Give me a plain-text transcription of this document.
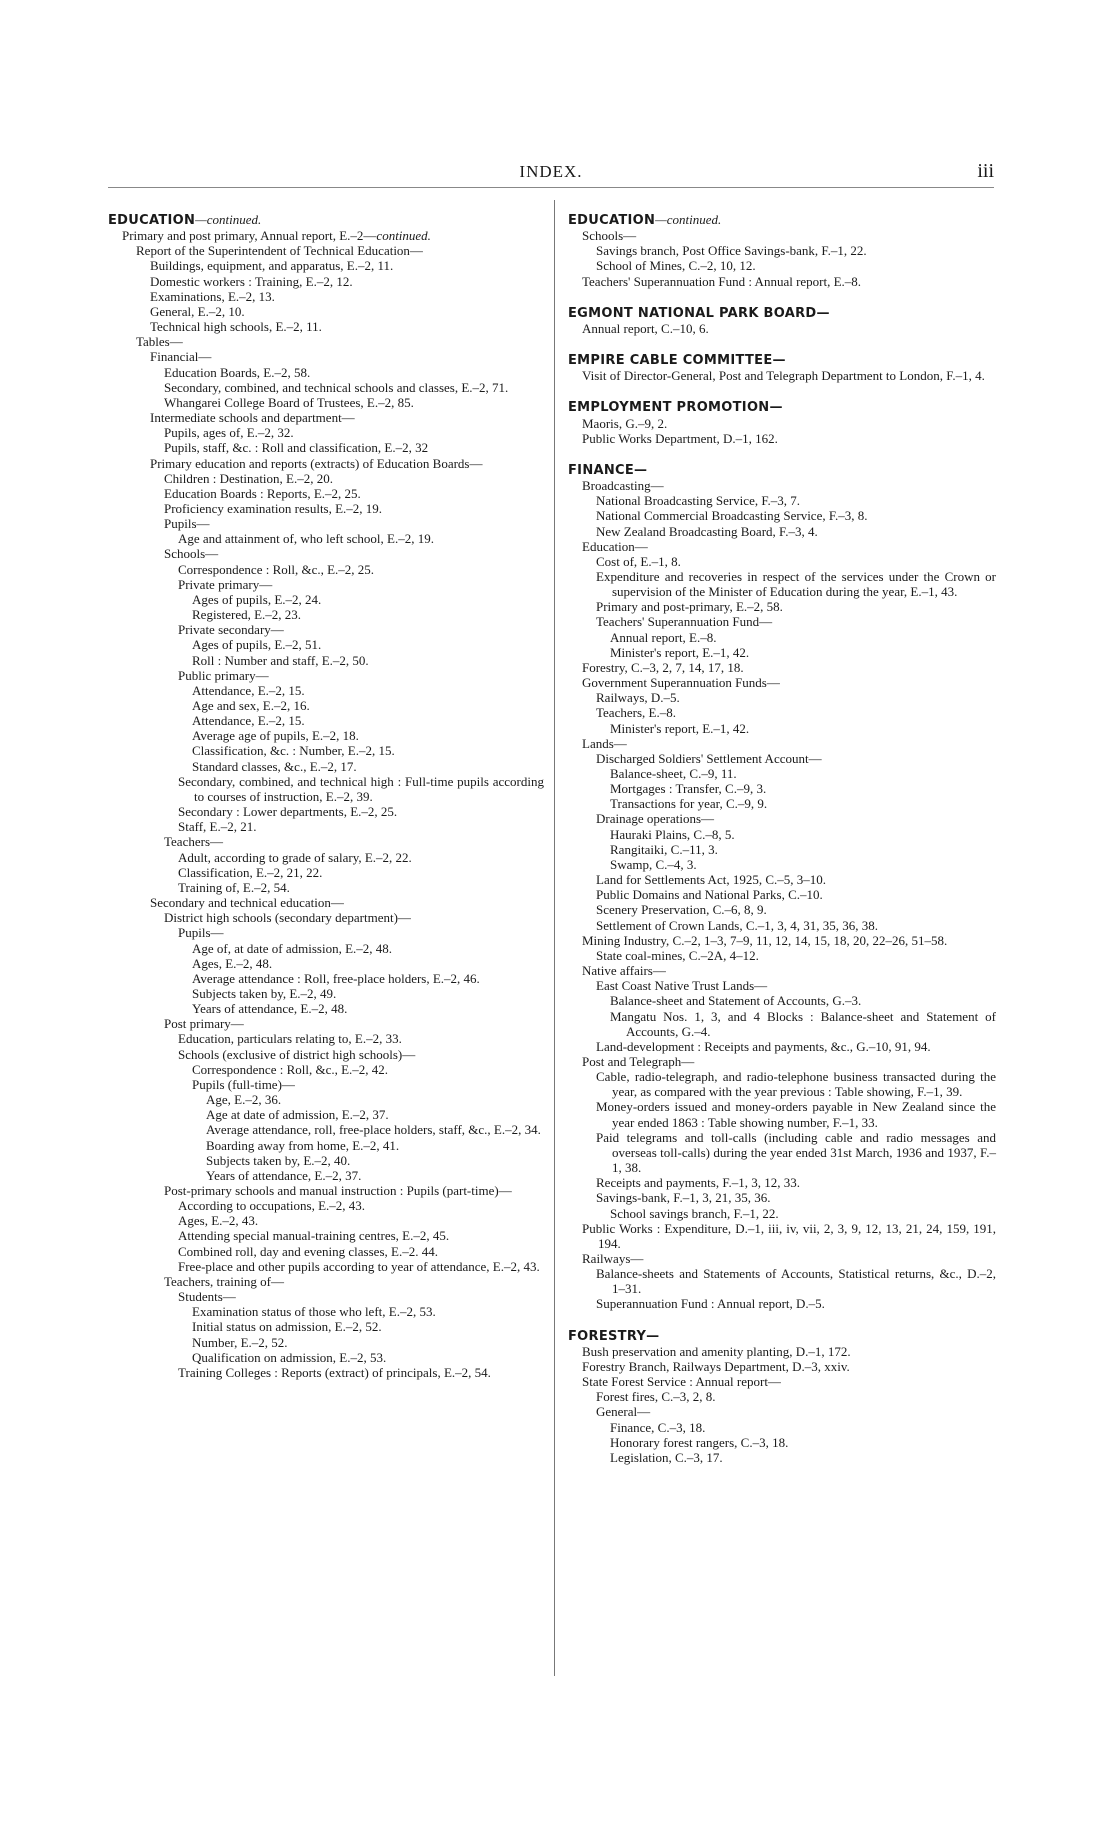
INDEX.	iii
EDUCATION—continued.
Primary and post primary, Annual report, E.–2—continued.
Report of the Superintendent of Technical Education—
Buildings, equipment, and apparatus, E.–2, 11.
Domestic workers : Training, E.–2, 12.
Examinations, E.–2, 13.
General, E.–2, 10.
Technical high schools, E.–2, 11.
Tables—
Financial—
Education Boards, E.–2, 58.
Secondary, combined, and technical schools and classes, E.–2, 71.
Whangarei College Board of Trustees, E.–2, 85.
Intermediate schools and department—
Pupils, ages of, E.–2, 32.
Pupils, staff, &c. : Roll and classification, E.–2, 32
Primary education and reports (extracts) of Education Boards—
Children : Destination, E.–2, 20.
Education Boards : Reports, E.–2, 25.
Proficiency examination results, E.–2, 19.
Pupils—
Age and attainment of, who left school, E.–2, 19.
Schools—
Correspondence : Roll, &c., E.–2, 25.
Private primary—
Ages of pupils, E.–2, 24.
Registered, E.–2, 23.
Private secondary—
Ages of pupils, E.–2, 51.
Roll : Number and staff, E.–2, 50.
Public primary—
Attendance, E.–2, 15.
Age and sex, E.–2, 16.
Attendance, E.–2, 15.
Average age of pupils, E.–2, 18.
Classification, &c. : Number, E.–2, 15.
Standard classes, &c., E.–2, 17.
Secondary, combined, and technical high : Full-time pupils according to courses of instruction, E.–2, 39.
Secondary : Lower departments, E.–2, 25.
Staff, E.–2, 21.
Teachers—
Adult, according to grade of salary, E.–2, 22.
Classification, E.–2, 21, 22.
Training of, E.–2, 54.
Secondary and technical education—
District high schools (secondary department)—
Pupils—
Age of, at date of admission, E.–2, 48.
Ages, E.–2, 48.
Average attendance : Roll, free-place holders, E.–2, 46.
Subjects taken by, E.–2, 49.
Years of attendance, E.–2, 48.
Post primary—
Education, particulars relating to, E.–2, 33.
Schools (exclusive of district high schools)—
Correspondence : Roll, &c., E.–2, 42.
Pupils (full-time)—
Age, E.–2, 36.
Age at date of admission, E.–2, 37.
Average attendance, roll, free-place holders, staff, &c., E.–2, 34.
Boarding away from home, E.–2, 41.
Subjects taken by, E.–2, 40.
Years of attendance, E.–2, 37.
Post-primary schools and manual instruction : Pupils (part-time)—
According to occupations, E.–2, 43.
Ages, E.–2, 43.
Attending special manual-training centres, E.–2, 45.
Combined roll, day and evening classes, E.–2. 44.
Free-place and other pupils according to year of attendance, E.–2, 43.
Teachers, training of—
Students—
Examination status of those who left, E.–2, 53.
Initial status on admission, E.–2, 52.
Number, E.–2, 52.
Qualification on admission, E.–2, 53.
Training Colleges : Reports (extract) of principals, E.–2, 54.
EDUCATION—continued.
Schools—
Savings branch, Post Office Savings-bank, F.–1, 22.
School of Mines, C.–2, 10, 12.
Teachers' Superannuation Fund : Annual report, E.–8.
EGMONT NATIONAL PARK BOARD—
Annual report, C.–10, 6.
EMPIRE CABLE COMMITTEE—
Visit of Director-General, Post and Telegraph Department to London, F.–1, 4.
EMPLOYMENT PROMOTION—
Maoris, G.–9, 2.
Public Works Department, D.–1, 162.
FINANCE—
Broadcasting—
National Broadcasting Service, F.–3, 7.
National Commercial Broadcasting Service, F.–3, 8.
New Zealand Broadcasting Board, F.–3, 4.
Education—
Cost of, E.–1, 8.
Expenditure and recoveries in respect of the services under the Crown or supervision of the Minister of Education during the year, E.–1, 43.
Primary and post-primary, E.–2, 58.
Teachers' Superannuation Fund—
Annual report, E.–8.
Minister's report, E.–1, 42.
Forestry, C.–3, 2, 7, 14, 17, 18.
Government Superannuation Funds—
Railways, D.–5.
Teachers, E.–8.
Minister's report, E.–1, 42.
Lands—
Discharged Soldiers' Settlement Account—
Balance-sheet, C.–9, 11.
Mortgages : Transfer, C.–9, 3.
Transactions for year, C.–9, 9.
Drainage operations—
Hauraki Plains, C.–8, 5.
Rangitaiki, C.–11, 3.
Swamp, C.–4, 3.
Land for Settlements Act, 1925, C.–5, 3–10.
Public Domains and National Parks, C.–10.
Scenery Preservation, C.–6, 8, 9.
Settlement of Crown Lands, C.–1, 3, 4, 31, 35, 36, 38.
Mining Industry, C.–2, 1–3, 7–9, 11, 12, 14, 15, 18, 20, 22–26, 51–58.
State coal-mines, C.–2A, 4–12.
Native affairs—
East Coast Native Trust Lands—
Balance-sheet and Statement of Accounts, G.–3.
Mangatu Nos. 1, 3, and 4 Blocks : Balance-sheet and Statement of Accounts, G.–4.
Land-development : Receipts and payments, &c., G.–10, 91, 94.
Post and Telegraph—
Cable, radio-telegraph, and radio-telephone business transacted during the year, as compared with the year previous : Table showing, F.–1, 39.
Money-orders issued and money-orders payable in New Zealand since the year ended 1863 : Table showing number, F.–1, 33.
Paid telegrams and toll-calls (including cable and radio messages and overseas toll-calls) during the year ended 31st March, 1936 and 1937, F.–1, 38.
Receipts and payments, F.–1, 3, 12, 33.
Savings-bank, F.–1, 3, 21, 35, 36.
School savings branch, F.–1, 22.
Public Works : Expenditure, D.–1, iii, iv, vii, 2, 3, 9, 12, 13, 21, 24, 159, 191, 194.
Railways—
Balance-sheets and Statements of Accounts, Statistical returns, &c., D.–2, 1–31.
Superannuation Fund : Annual report, D.–5.
FORESTRY—
Bush preservation and amenity planting, D.–1, 172.
Forestry Branch, Railways Department, D.–3, xxiv.
State Forest Service : Annual report—
Forest fires, C.–3, 2, 8.
General—
Finance, C.–3, 18.
Honorary forest rangers, C.–3, 18.
Legislation, C.–3, 17.
